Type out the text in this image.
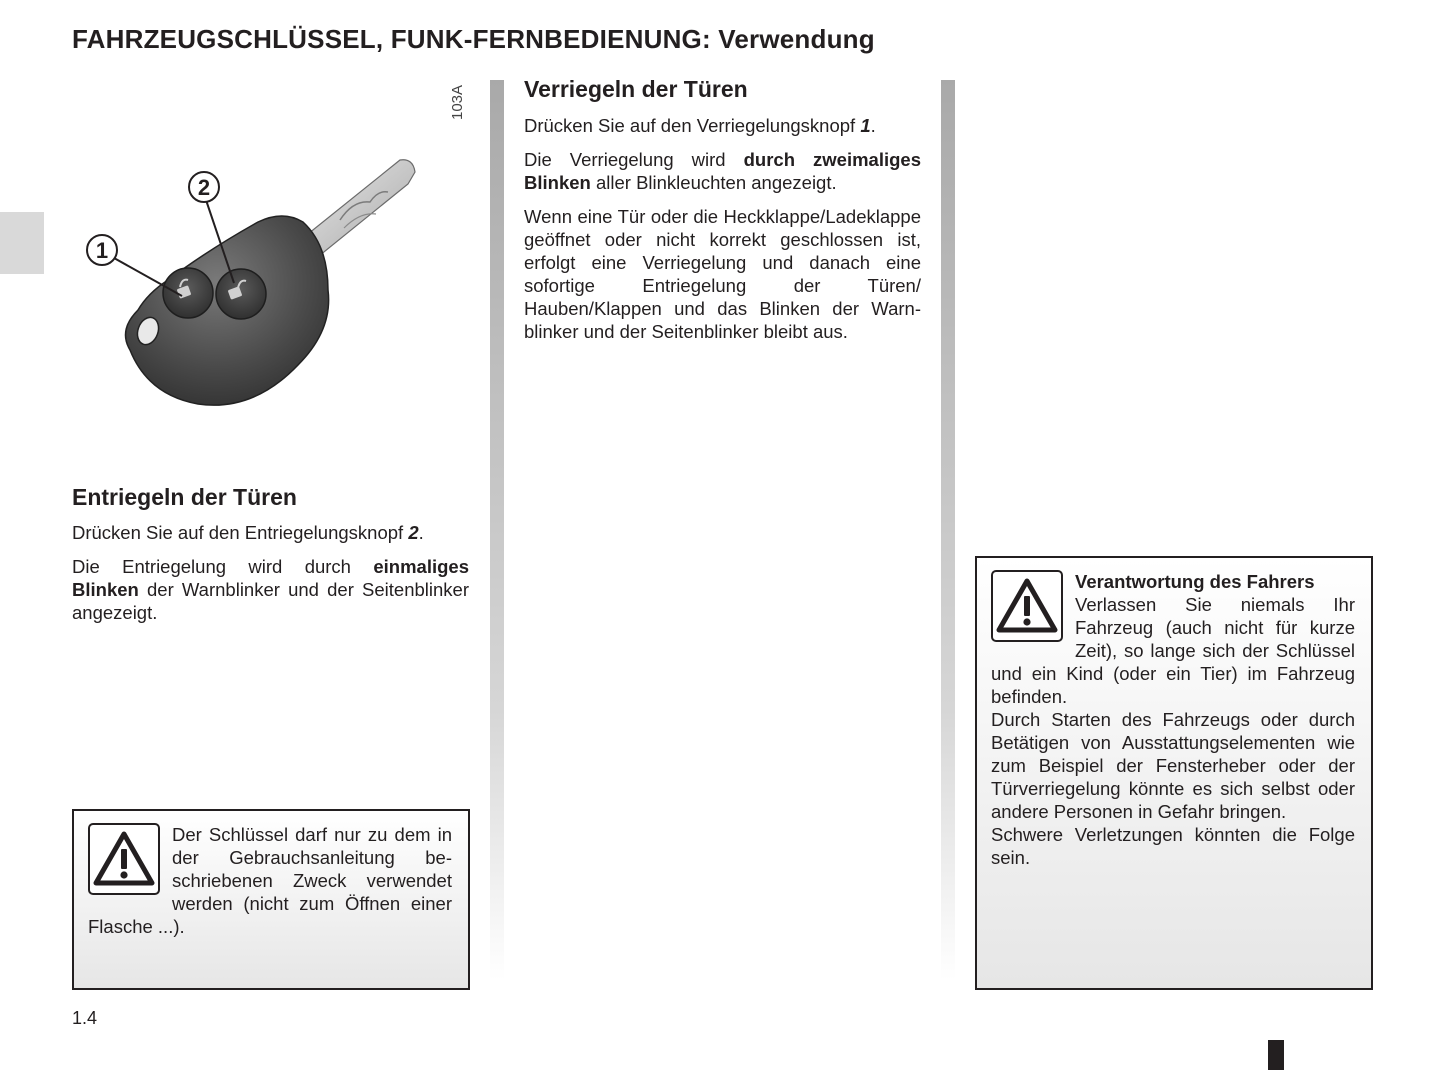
FAHRZEUGSCHLÜSSEL, FUNK-FERNBEDIENUNG: Verwendung
103A
1
2
Entriegeln der Türen

Drücken Sie auf den Entriegelungsknopf 2.

Die Entriegelung wird durch einmaliges Blinken der Warnblinker und der Seitenblinker angezeigt.

Der Schlüssel darf nur zu dem in der Gebrauchsanleitung beschriebenen Zweck verwendet werden (nicht zum Öffnen einer Flasche ...).
Verriegeln der Türen

Drücken Sie auf den Verriegelungsknopf 1.

Die Verriegelung wird durch zweimaliges Blinken aller Blinkleuchten angezeigt.

Wenn eine Tür oder die Heckklappe/Ladeklappe geöffnet oder nicht korrekt geschlossen ist, erfolgt eine Verriegelung und danach eine sofortige Entriegelung der Türen/ Hauben/Klappen und das Blinken der Warnblinker und der Seitenblinker bleibt aus.

Verantwortung des Fahrers
Verlassen Sie niemals Ihr Fahrzeug (auch nicht für kurze Zeit), so lange sich der Schlüssel und ein Kind (oder ein Tier) im Fahrzeug befinden.
Durch Starten des Fahrzeugs oder durch Betätigen von Ausstattungselementen wie zum Beispiel der Fensterheber oder der Türverriegelung könnte es sich selbst oder andere Personen in Gefahr bringen.
Schwere Verletzungen könnten die Folge sein.
1.4
